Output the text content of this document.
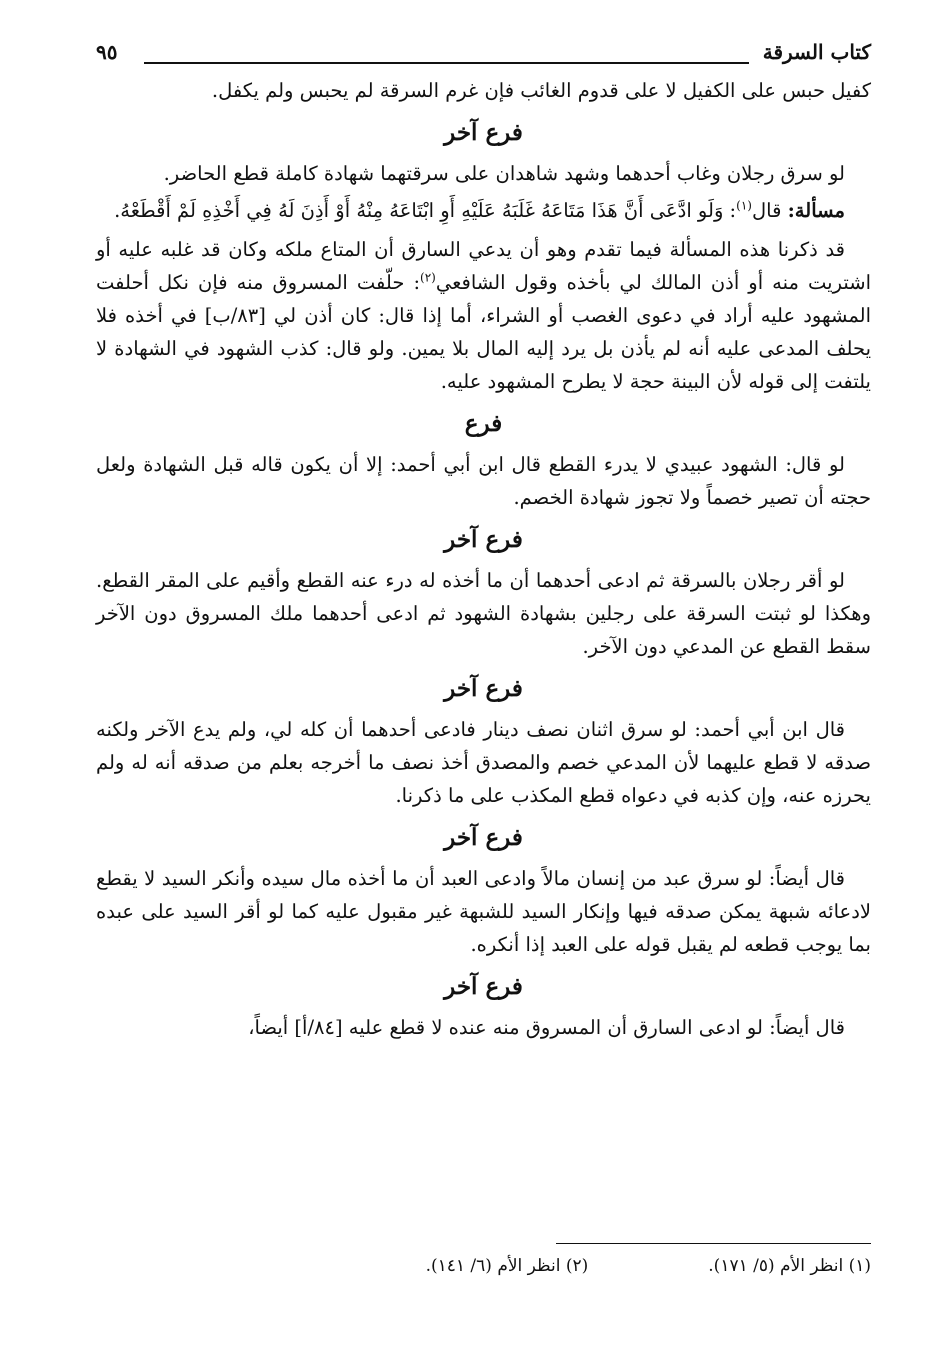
كتاب السرقة
٩٥

كفيل حبس على الكفيل لا على قدوم الغائب فإن غرم السرقة لم يحبس ولم يكفل.

فرع آخر

لو سرق رجلان وغاب أحدهما وشهد شاهدان على سرقتهما شهادة كاملة قطع الحاضر.

مسألة: قال$^{(١)}$: وَلَو ادَّعَى أَنَّ هَذَا مَتَاعَهُ غَلَبَهُ عَلَيْهِ أَوِ ابْتَاعَهُ مِنْهُ أَوْ أَذِنَ لَهُ فِي أَخْذِهِ لَمْ أَقْطَعْهُ.

قد ذكرنا هذه المسألة فيما تقدم وهو أن يدعي السارق أن المتاع ملكه وكان قد غلبه عليه أو اشتريت منه أو أذن المالك لي بأخذه وقول الشافعي$^{(٢)}$: حلّفت المسروق منه فإن نكل أحلفت المشهود عليه أراد في دعوى الغصب أو الشراء، أما إذا قال: كان أذن لي [٨٣/ب] في أخذه فلا يحلف المدعى عليه أنه لم يأذن بل يرد إليه المال بلا يمين. ولو قال: كذب الشهود في الشهادة لا يلتفت إلى قوله لأن البينة حجة لا يطرح المشهود عليه.

فرع

لو قال: الشهود عبيدي لا يدرء القطع قال ابن أبي أحمد: إلا أن يكون قاله قبل الشهادة ولعل حجته أن تصير خصماً ولا تجوز شهادة الخصم.

فرع آخر

لو أقر رجلان بالسرقة ثم ادعى أحدهما أن ما أخذه له درء عنه القطع وأقيم على المقر القطع. وهكذا لو ثبتت السرقة على رجلين بشهادة الشهود ثم ادعى أحدهما ملك المسروق دون الآخر سقط القطع عن المدعي دون الآخر.

فرع آخر

قال ابن أبي أحمد: لو سرق اثنان نصف دينار فادعى أحدهما أن كله لي، ولم يدع الآخر ولكنه صدقه لا قطع عليهما لأن المدعي خصم والمصدق أخذ نصف ما أخرجه بعلم من صدقه أنه له ولم يحرزه عنه، وإن كذبه في دعواه قطع المكذب على ما ذكرنا.

فرع آخر

قال أيضاً: لو سرق عبد من إنسان مالاً وادعى العبد أن ما أخذه مال سيده وأنكر السيد لا يقطع لادعائه شبهة يمكن صدقه فيها وإنكار السيد للشبهة غير مقبول عليه كما لو أقر السيد على عبده بما يوجب قطعه لم يقبل قوله على العبد إذا أنكره.

فرع آخر

قال أيضاً: لو ادعى السارق أن المسروق منه عنده لا قطع عليه [٨٤/أ] أيضاً،

(١) انظر الأم (٥/ ١٧١).
(٢) انظر الأم (٦/ ١٤١).
